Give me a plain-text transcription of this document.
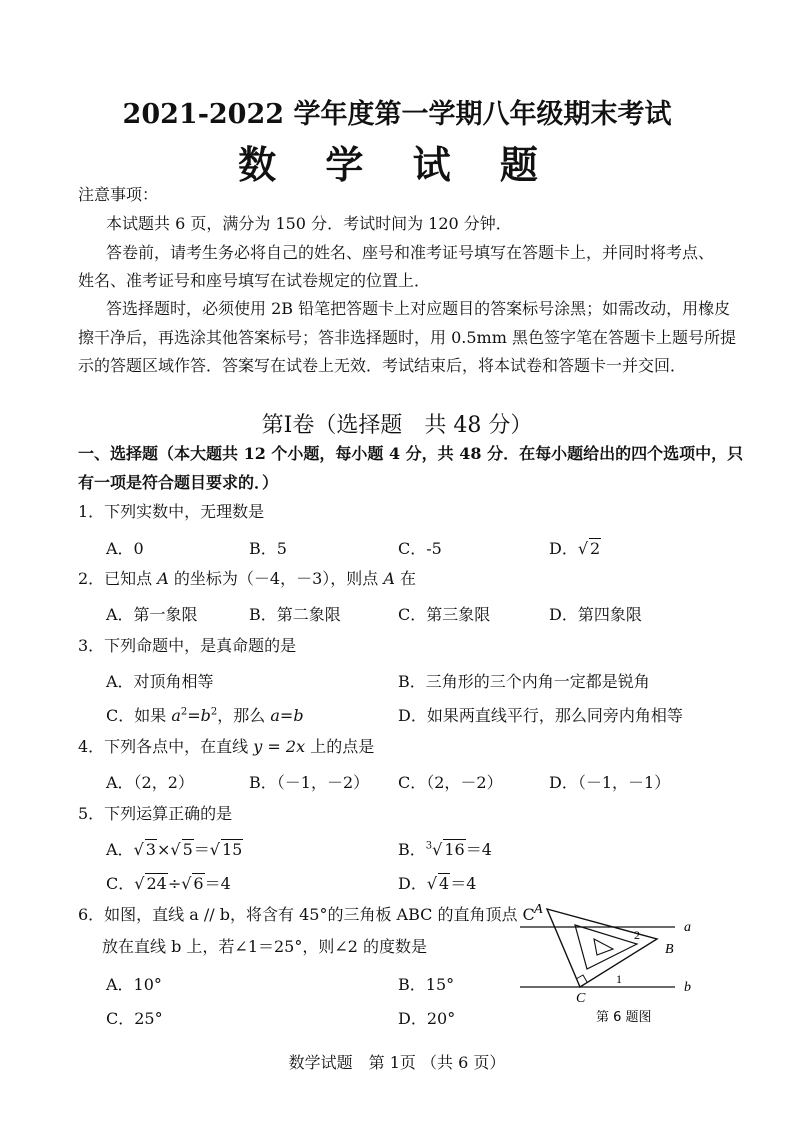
2021-2022 学年度第一学期八年级期末考试
数 学 试 题
注意事项：
本试题共 6 页，满分为 150 分．考试时间为 120 分钟．
答卷前，请考生务必将自己的姓名、座号和准考证号填写在答题卡上，并同时将考点、
姓名、准考证号和座号填写在试卷规定的位置上．
答选择题时，必须使用 2B 铅笔把答题卡上对应题目的答案标号涂黑；如需改动，用橡皮
擦干净后，再选涂其他答案标号；答非选择题时，用 0.5mm 黑色签字笔在答题卡上题号所提
示的答题区域作答．答案写在试卷上无效．考试结束后，将本试卷和答题卡一并交回．
第Ⅰ卷（选择题　共 48 分）
一、选择题（本大题共 12 个小题，每小题 4 分，共 48 分．在每小题给出的四个选项中，只
有一项是符合题目要求的．）
1．下列实数中，无理数是
A．0	B．5	C．-5	D．√ 2
2．已知点 A 的坐标为（－4，－3），则点 A 在
A．第一象限	B．第二象限	C．第三象限	D．第四象限
3．下列命题中，是真命题的是
A．对顶角相等	B．三角形的三个内角一定都是锐角
C．如果 $a^2=b^2$，那么 a=b	D．如果两直线平行，那么同旁内角相等
4．下列各点中，在直线 y = 2x 上的点是
A．（2，2）	B．（－1，－2） C．（2，－2）	D．（－1，－1）
5．下列运算正确的是
A．√ 3×√ 5＝√ 15	B．$^3$√ 16＝4
C．√ 24÷√ 6＝4	D．√ 4＝4
6．如图，直线 a // b，将含有 45°的三角板 ABC 的直角顶点 C
放在直线 b 上，若∠1＝25°，则∠2 的度数是
A．10°	B．15°
C．25°	D．20°
A
B
C
a
b
2
1
第 6 题图
数学试题　第 1页 （共 6 页）
